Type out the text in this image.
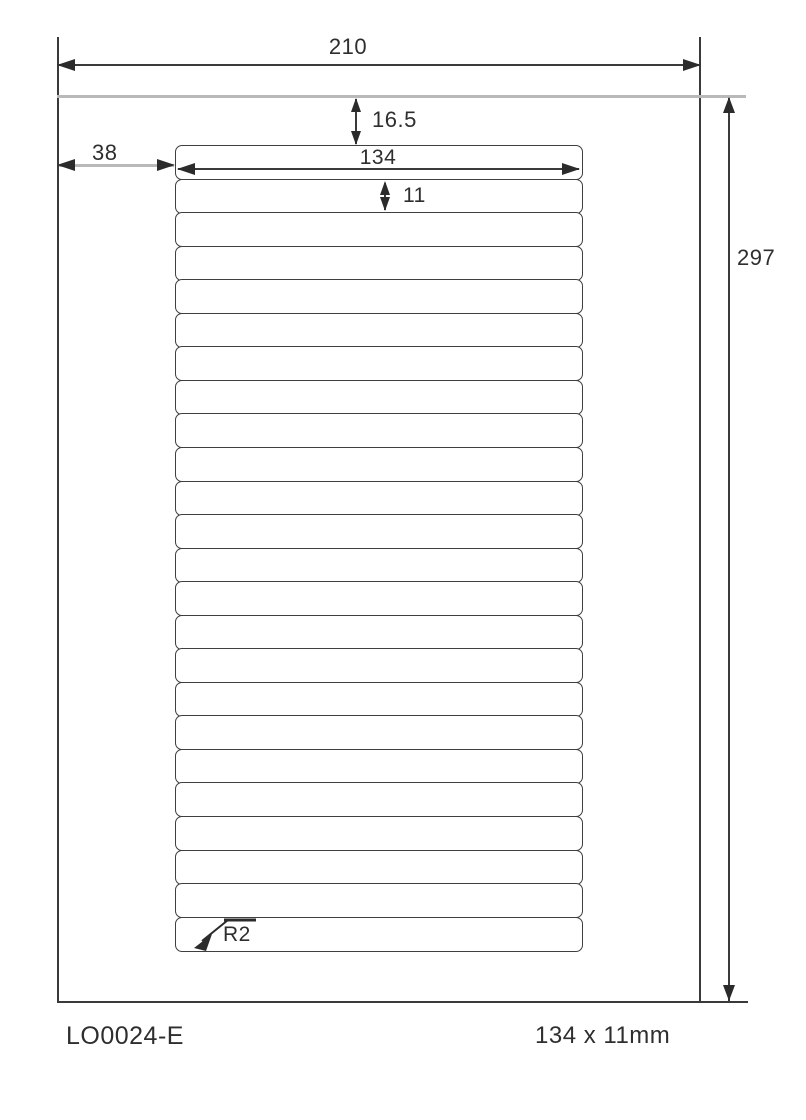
210
297
16.5
38	134
11
R2
LO0024-E	134 x 11mm
